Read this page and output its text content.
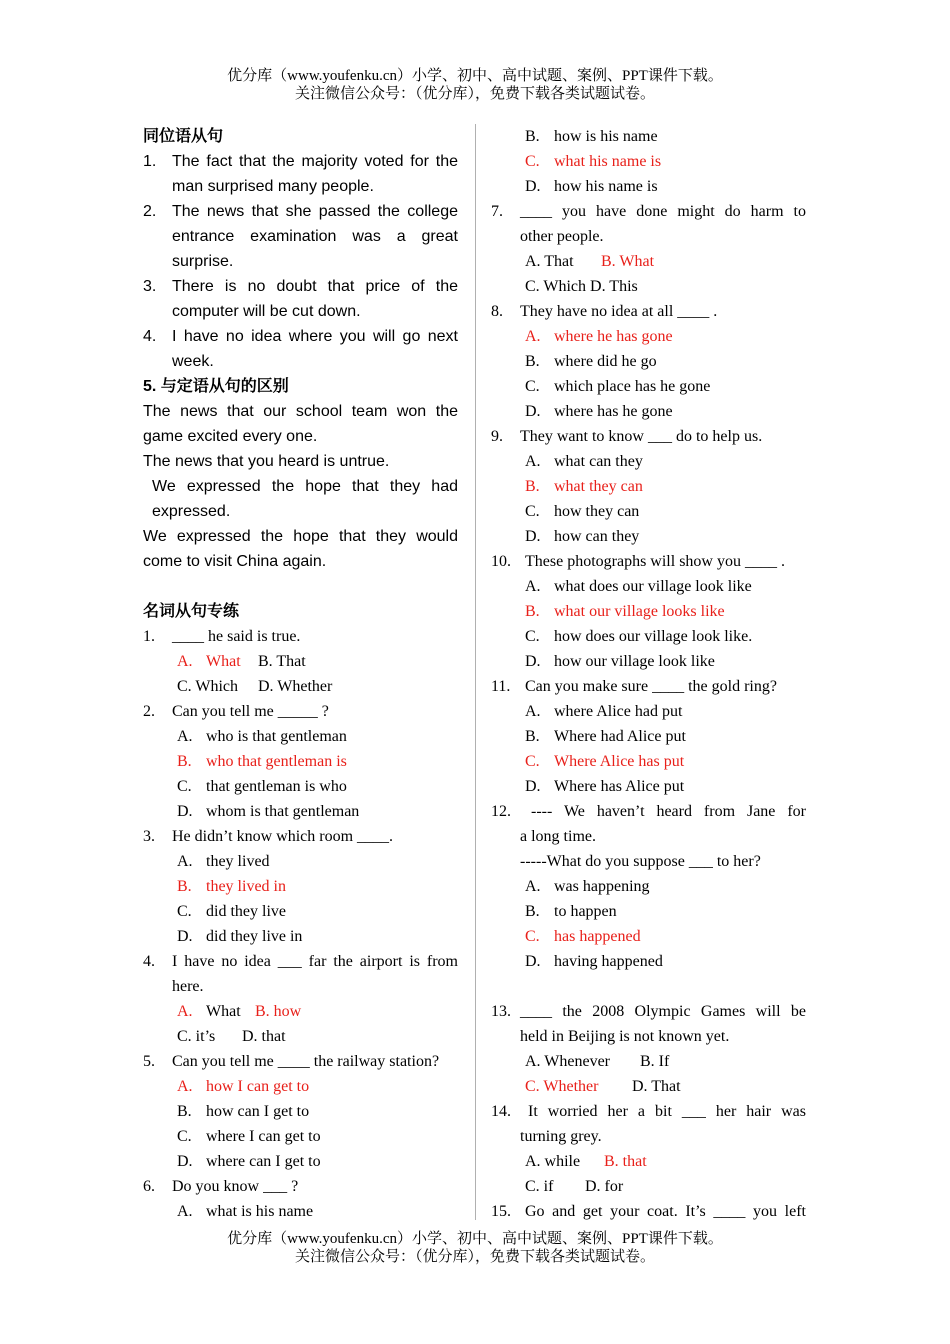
优分库（www.youfenku.cn）小学、初中、高中试题、案例、PPT课件下载。
关注微信公众号：（优分库），免费下载各类试题试卷。
同位语从句
1. The fact that the majority voted for the
man surprised many people.
2. The news that she passed the college
entrance examination was a great
surprise.
3. There is no doubt that price of the
computer will be cut down.
4. I have no idea where you will go next
week.
5. 与定语从句的区别
The news that our school team won the
game excited every one.
The news that you heard is untrue.
We expressed the hope that they had
expressed.
We expressed the hope that they would
come to visit China again.
名词从句专练
1. ____ he said is true.
A. What B. That
C. Which D. Whether
2. Can you tell me _____ ?
A. who is that gentleman
B. who that gentleman is
C. that gentleman is who
D. whom is that gentleman
3. He didn’t know which room ____.
A. they lived
B. they lived in
C. did they live
D. did they live in
4. I have no idea ___ far the airport is from
here.
A. What B. how
C. it’s D. that
5. Can you tell me ____ the railway station?
A. how I can get to
B. how can I get to
C. where I can get to
D. where can I get to
6. Do you know ___ ?
A. what is his name
B. how is his name
C. what his name is
D. how his name is
7. ____ you have done might do harm to
other people.
A. That B. What
C. Which D. This
8. They have no idea at all ____ .
A. where he has gone
B. where did he go
C. which place has he gone
D. where has he gone
9. They want to know ___ do to help us.
A. what can they
B. what they can
C. how they can
D. how can they
10. These photographs will show you ____ .
A. what does our village look like
B. what our village looks like
C. how does our village look like.
D. how our village look like
11. Can you make sure ____ the gold ring?
A. where Alice had put
B. Where had Alice put
C. Where Alice has put
D. Where has Alice put
12. ---- We haven’t heard from Jane for
a long time.
-----What do you suppose ___ to her?
A. was happening
B. to happen
C. has happened
D. having happened
13. ____ the 2008 Olympic Games will be
held in Beijing is not known yet.
A. Whenever B. If
C. Whether D. That
14. It worried her a bit ___ her hair was
turning grey.
A. while B. that
C. if D. for
15. Go and get your coat. It’s ____ you left
优分库（www.youfenku.cn）小学、初中、高中试题、案例、PPT课件下载。
关注微信公众号：（优分库），免费下载各类试题试卷。
